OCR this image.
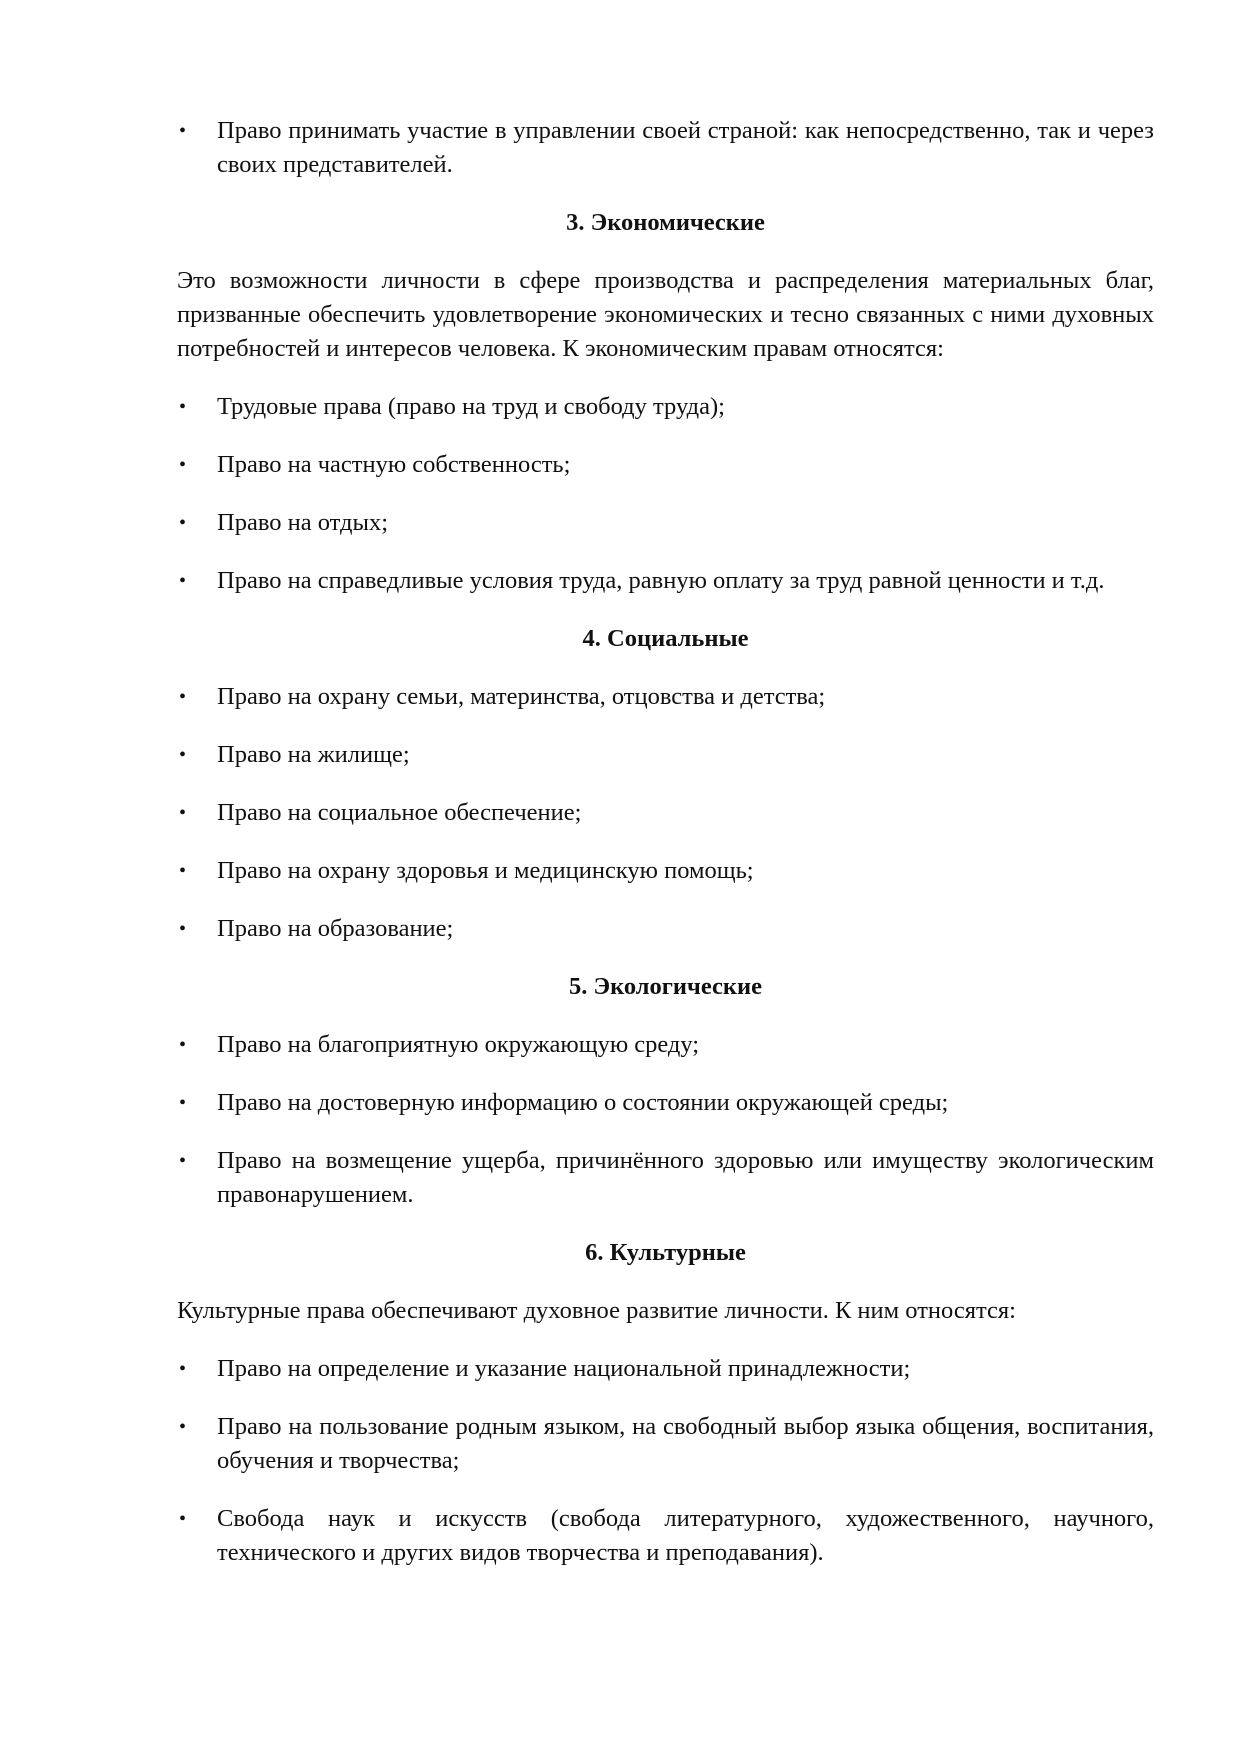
• Право принимать участие в управлении своей страной: как непосредственно, так и через своих представителей.
3. Экономические

Это возможности личности в сфере производства и распределения материальных благ, призванные обеспечить удовлетворение экономических и тесно связанных с ними духовных потребностей и интересов человека. К экономическим правам относятся:

• Трудовые права (право на труд и свободу труда);
• Право на частную собственность;
• Право на отдых;
• Право на справедливые условия труда, равную оплату за труд равной ценности и т.д.
4. Социальные
• Право на охрану семьи, материнства, отцовства и детства;
• Право на жилище;
• Право на социальное обеспечение;
• Право на охрану здоровья и медицинскую помощь;
• Право на образование;
5. Экологические
• Право на благоприятную окружающую среду;
• Право на достоверную информацию о состоянии окружающей среды;
• Право на возмещение ущерба, причинённого здоровью или имуществу экологическим правонарушением.
6. Культурные

Культурные права обеспечивают духовное развитие личности. К ним относятся:

• Право на определение и указание национальной принадлежности;
• Право на пользование родным языком, на свободный выбор языка общения, воспитания, обучения и творчества;
• Свобода наук и искусств (свобода литературного, художественного, научного, технического и других видов творчества и преподавания).
